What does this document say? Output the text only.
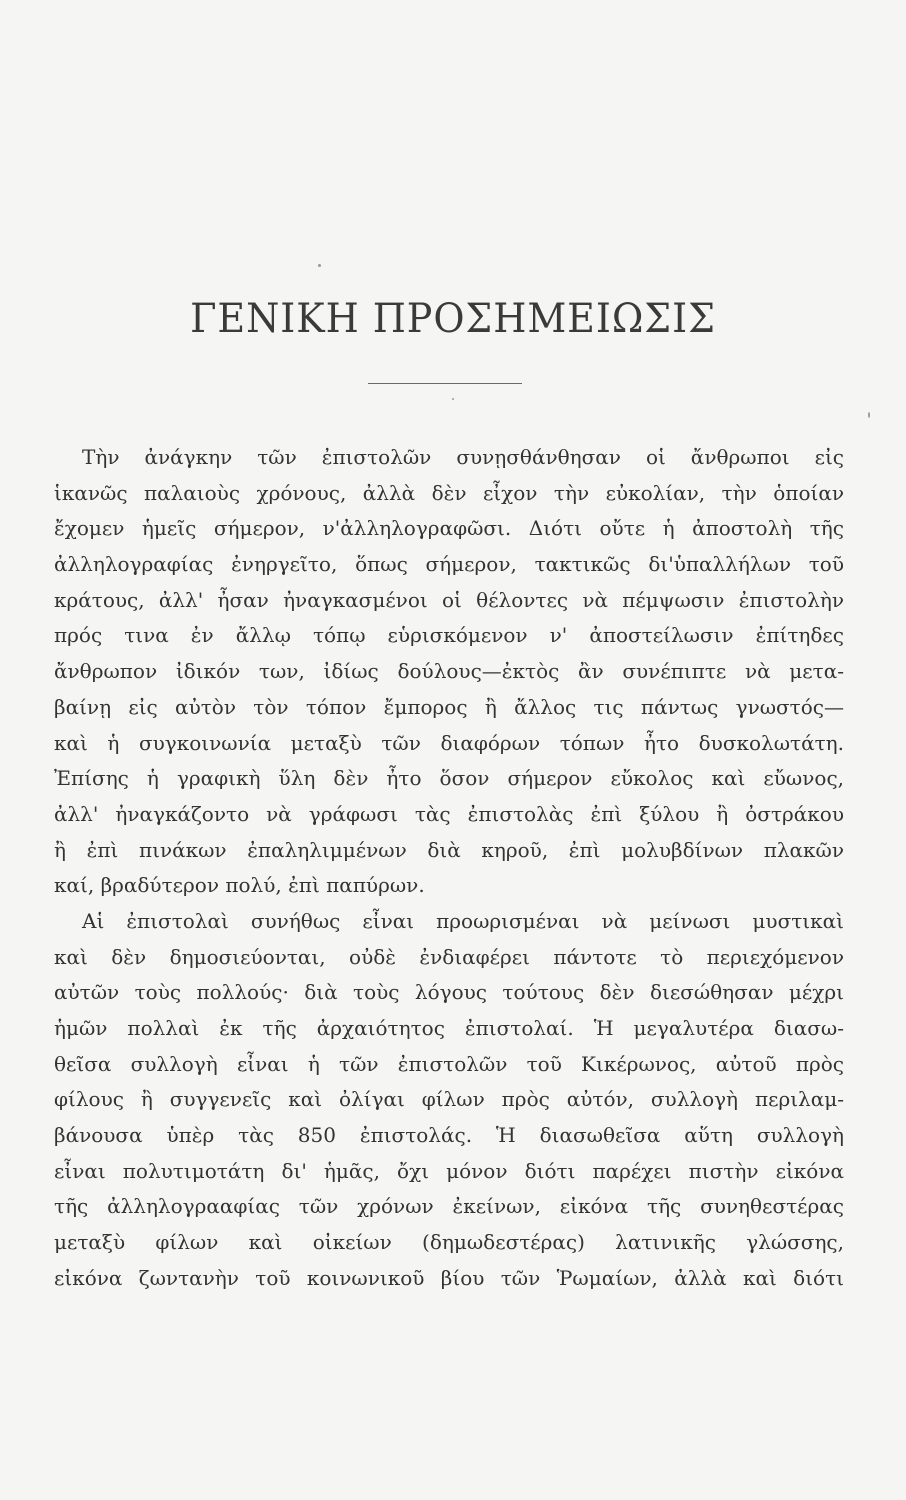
ΓΕΝΙΚΗ ΠΡΟΣΗΜΕΙΩΣΙΣ
Τὴν ἀνάγκην τῶν ἐπιστολῶν συνῃσθάνθησαν οἱ ἄνθρωποι εἰς
ἱκανῶς παλαιοὺς χρόνους, ἀλλὰ δὲν εἶχον τὴν εὐκολίαν, τὴν ὁποίαν
ἔχομεν ἡμεῖς σήμερον, ν'ἀλληλογραφῶσι. Διότι οὔτε ἡ ἀποστολὴ τῆς
ἀλληλογραφίας ἐνηργεῖτο, ὅπως σήμερον, τακτικῶς δι'ὑπαλλήλων τοῦ
κράτους, ἀλλ' ἦσαν ἠναγκασμένοι οἱ θέλοντες νὰ πέμψωσιν ἐπιστολὴν
πρός τινα ἐν ἄλλῳ τόπῳ εὑρισκόμενον ν' ἀποστείλωσιν ἐπίτηδες
ἄνθρωπον ἰδικόν των, ἰδίως δούλους—ἐκτὸς ἂν συνέπιπτε νὰ μετα-
βαίνῃ εἰς αὐτὸν τὸν τόπον ἔμπορος ἢ ἄλλος τις πάντως γνωστός—
καὶ ἡ συγκοινωνία μεταξὺ τῶν διαφόρων τόπων ἦτο δυσκολωτάτη.
Ἐπίσης ἡ γραφικὴ ὕλη δὲν ἦτο ὅσον σήμερον εὔκολος καὶ εὔωνος,
ἀλλ' ἠναγκάζοντο νὰ γράφωσι τὰς ἐπιστολὰς ἐπὶ ξύλου ἢ ὀστράκου
ἢ ἐπὶ πινάκων ἐπαληλιμμένων διὰ κηροῦ, ἐπὶ μολυβδίνων πλακῶν
καί, βραδύτερον πολύ, ἐπὶ παπύρων.
Αἱ ἐπιστολαὶ συνήθως εἶναι προωρισμέναι νὰ μείνωσι μυστικαὶ
καὶ δὲν δημοσιεύονται, οὐδὲ ἐνδιαφέρει πάντοτε τὸ περιεχόμενον
αὐτῶν τοὺς πολλούς· διὰ τοὺς λόγους τούτους δὲν διεσώθησαν μέχρι
ἡμῶν πολλαὶ ἐκ τῆς ἀρχαιότητος ἐπιστολαί. Ἡ μεγαλυτέρα διασω-
θεῖσα συλλογὴ εἶναι ἡ τῶν ἐπιστολῶν τοῦ Κικέρωνος, αὐτοῦ πρὸς
φίλους ἢ συγγενεῖς καὶ ὀλίγαι φίλων πρὸς αὐτόν, συλλογὴ περιλαμ-
βάνουσα ὑπὲρ τὰς 850 ἐπιστολάς. Ἡ διασωθεῖσα αὕτη συλλογὴ
εἶναι πολυτιμοτάτη δι' ἡμᾶς, ὄχι μόνον διότι παρέχει πιστὴν εἰκόνα
τῆς ἀλληλογρααφίας τῶν χρόνων ἐκείνων, εἰκόνα τῆς συνηθεστέρας
μεταξὺ φίλων καὶ οἰκείων (δημωδεστέρας) λατινικῆς γλώσσης,
εἰκόνα ζωντανὴν τοῦ κοινωνικοῦ βίου τῶν Ῥωμαίων, ἀλλὰ καὶ διότι
